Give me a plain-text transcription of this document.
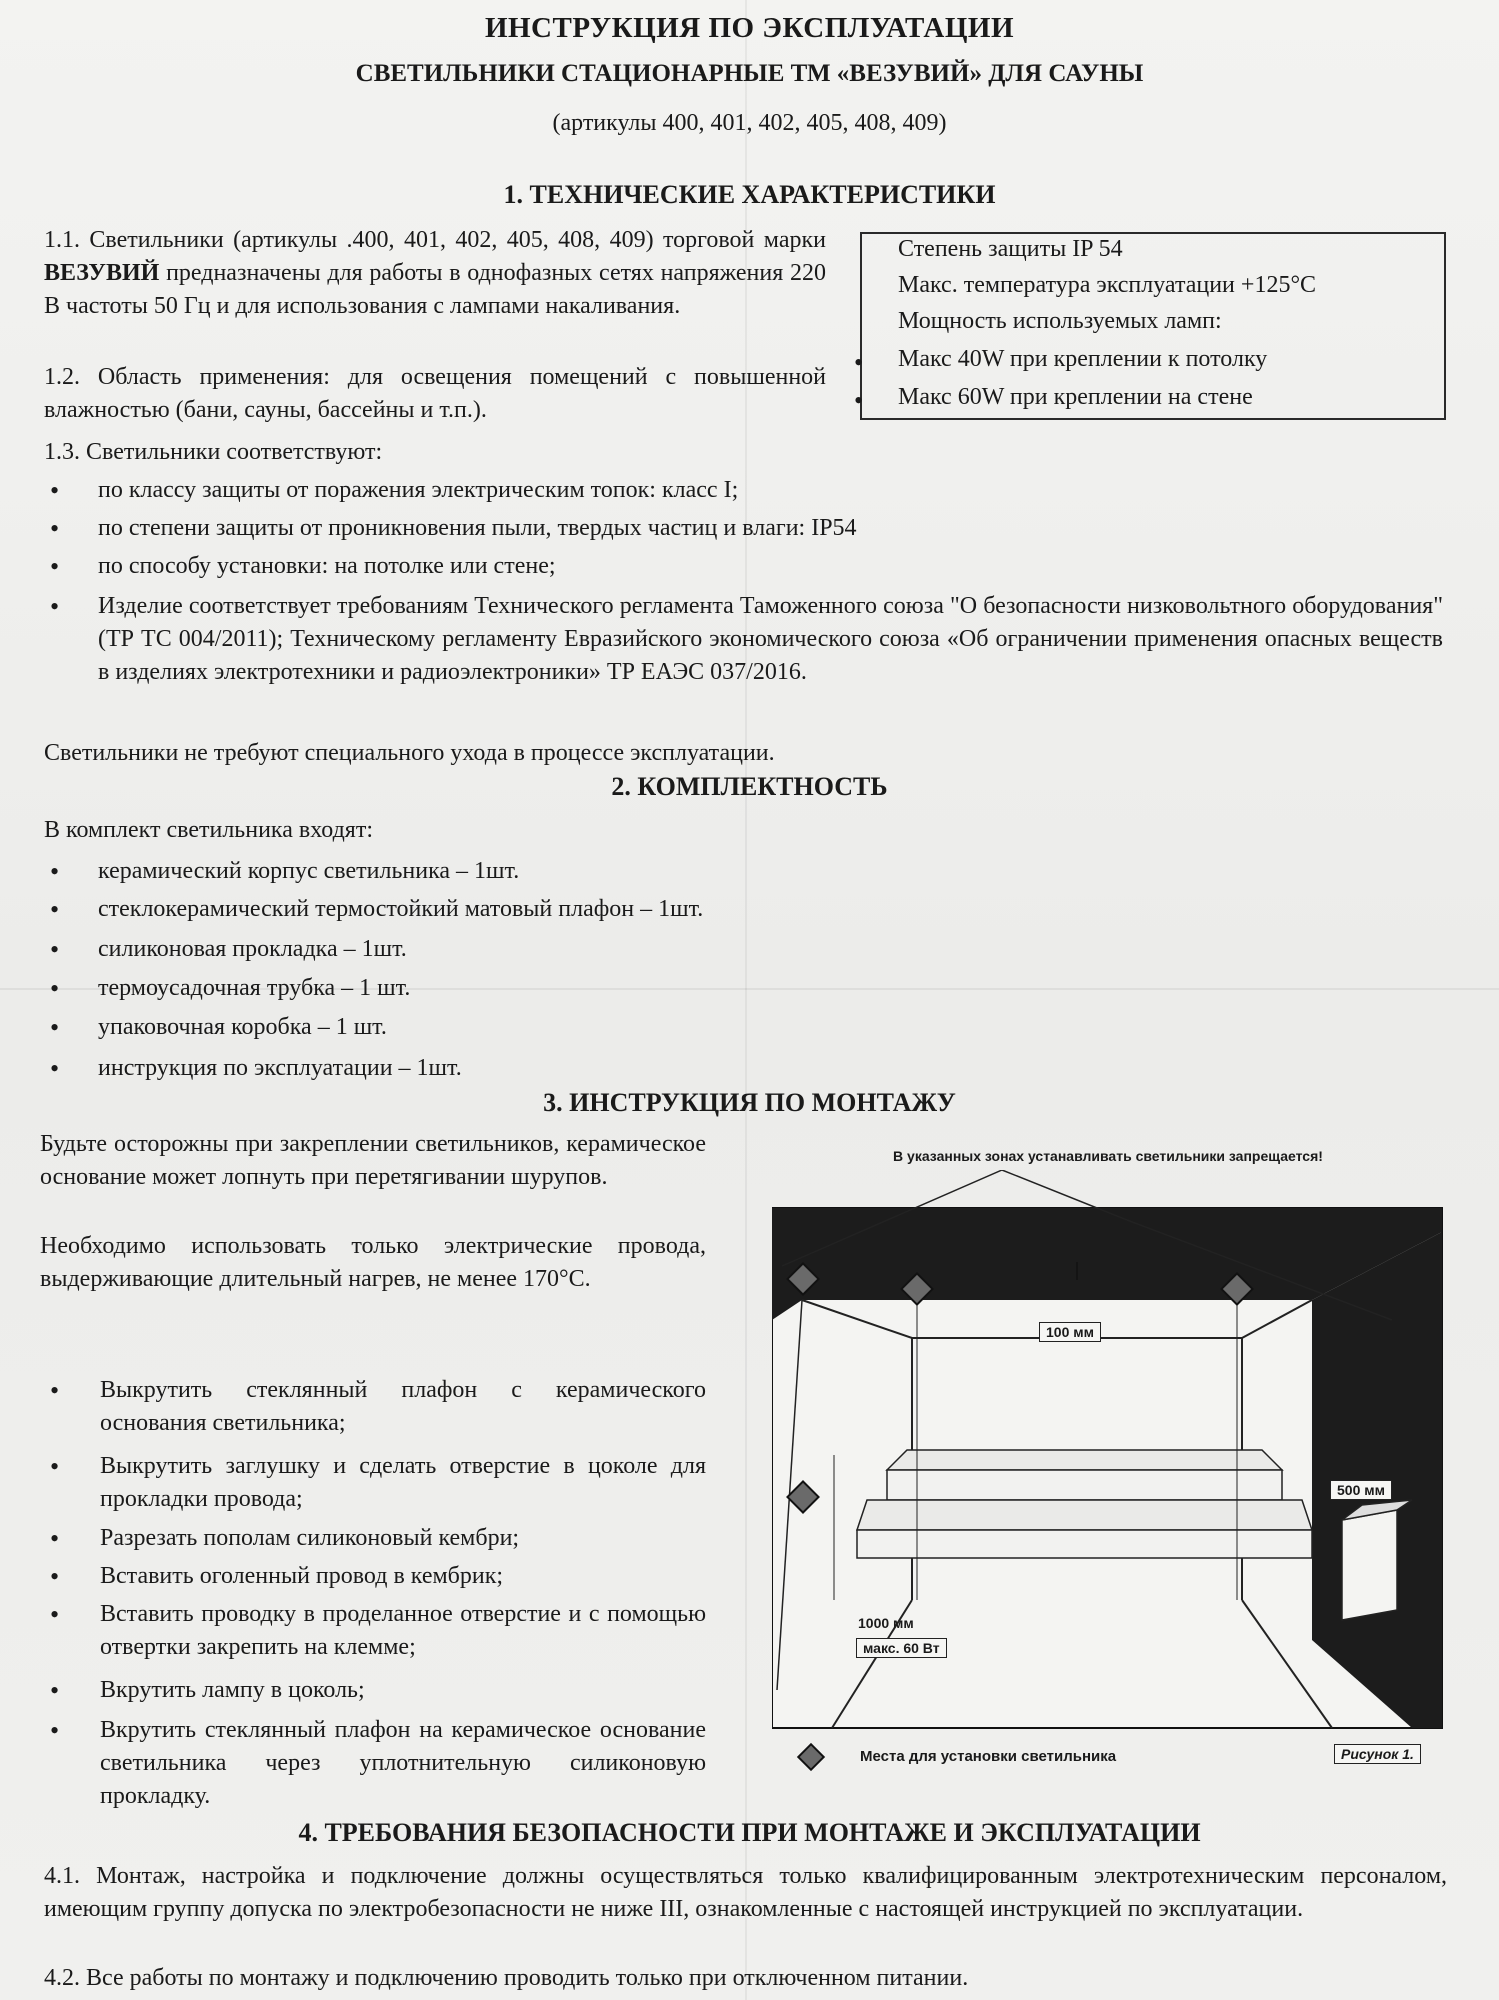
ИНСТРУКЦИЯ ПО ЭКСПЛУАТАЦИИ
СВЕТИЛЬНИКИ СТАЦИОНАРНЫЕ ТМ «ВЕЗУВИЙ» ДЛЯ САУНЫ
(артикулы 400, 401, 402, 405, 408, 409)
1. ТЕХНИЧЕСКИЕ ХАРАКТЕРИСТИКИ
1.1. Светильники (артикулы .400, 401, 402, 405, 408, 409) торговой марки ВЕЗУВИЙ предназначены для работы в однофазных сетях напряжения 220 В частоты 50 Гц и для использования с лампами накаливания.
1.2. Область применения: для освещения помещений с повышенной влажностью (бани, сауны, бассейны и т.п.).
Степень защиты IP 54
Макс. температура эксплуатации +125°С
Мощность используемых ламп:
Макс 40W при креплении к потолку
Макс 60W при креплении на стене
•
•
1.3. Светильники соответствуют:
• по классу защиты от поражения электрическим топок: класс I;
• по степени защиты от проникновения пыли, твердых частиц и влаги: IP54
• по способу установки: на потолке или стене;
• Изделие соответствует требованиям Технического регламента Таможенного союза "О безопасности низковольтного оборудования" (ТР ТС 004/2011); Техническому регламенту Евразийского экономического союза «Об ограничении применения опасных веществ в изделиях электротехники и радиоэлектроники» ТР ЕАЭС 037/2016.
Светильники не требуют специального ухода в процессе эксплуатации.
2. КОМПЛЕКТНОСТЬ
В комплект светильника входят:
• керамический корпус светильника – 1шт.
• стеклокерамический термостойкий матовый плафон – 1шт.
• силиконовая прокладка – 1шт.
• термоусадочная трубка – 1 шт.
• упаковочная коробка – 1 шт.
• инструкция по эксплуатации – 1шт.
3. ИНСТРУКЦИЯ ПО МОНТАЖУ
Будьте осторожны при закреплении светильников, керамическое основание может лопнуть при перетягивании шурупов.
Необходимо использовать только электрические провода, выдерживающие длительный нагрев, не менее 170°С.
• Выкрутить стеклянный плафон с керамического основания светильника;
• Выкрутить заглушку и сделать отверстие в цоколе для прокладки провода;
• Разрезать пополам силиконовый кембри;
• Вставить оголенный провод в кембрик;
• Вставить проводку в проделанное отверстие и с помощью отвертки закрепить на клемме;
• Вкрутить лампу в цоколь;
• Вкрутить стеклянный плафон на керамическое основание светильника через уплотнительную силиконовую прокладку.
В указанных зонах устанавливать светильники запрещается!
100 мм
500 мм
1000 мм
макс. 60 Вт
Места для установки светильника	Рисунок 1.
4. ТРЕБОВАНИЯ БЕЗОПАСНОСТИ ПРИ МОНТАЖЕ И ЭКСПЛУАТАЦИИ
4.1. Монтаж, настройка и подключение должны осуществляться только квалифицированным электротехническим персоналом, имеющим группу допуска по электробезопасности не ниже III, ознакомленные с настоящей инструкцией по эксплуатации.
4.2. Все работы по монтажу и подключению проводить только при отключенном питании.
